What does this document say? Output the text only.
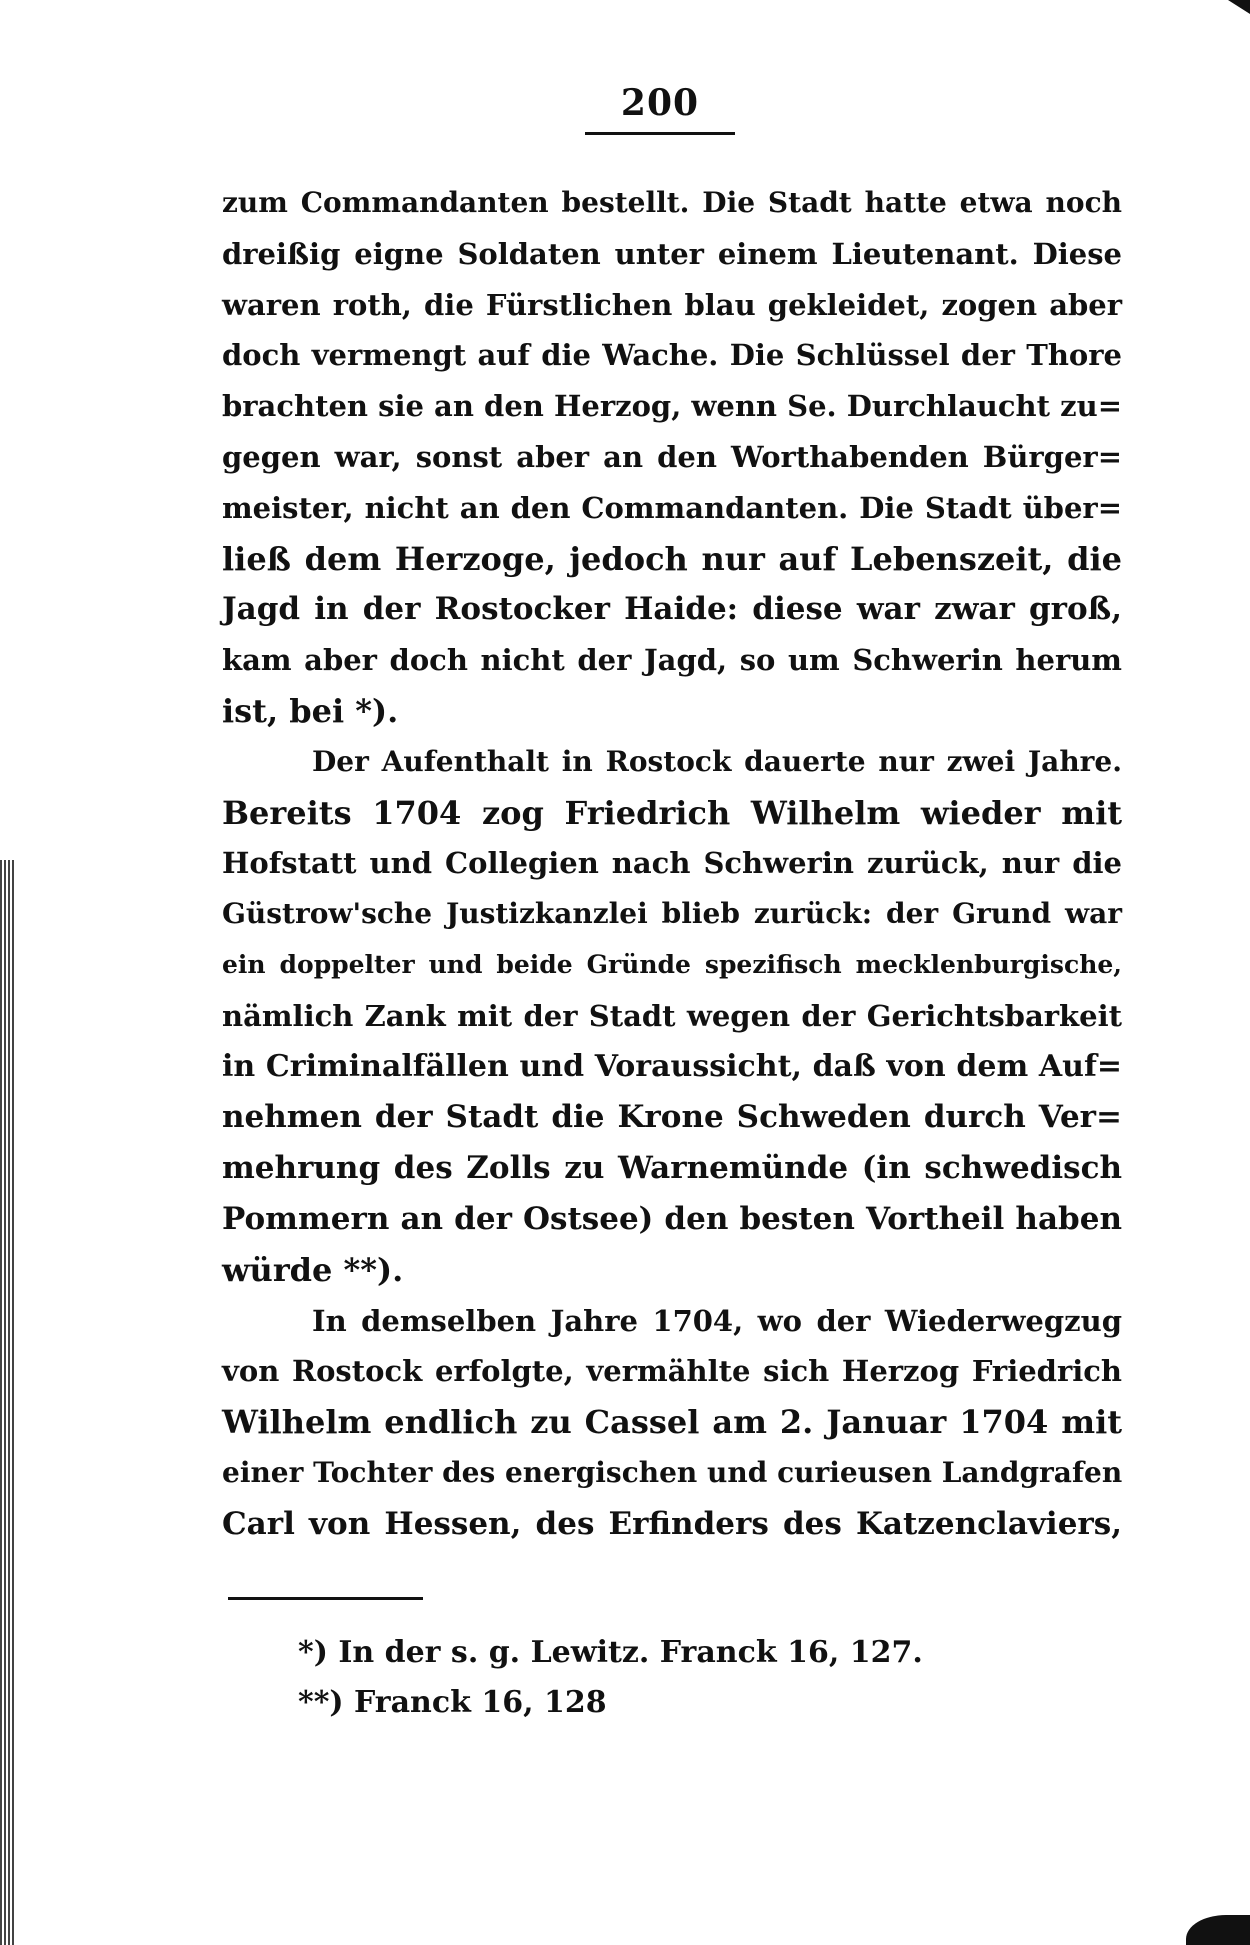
200
zum Commandanten bestellt. Die Stadt hatte etwa noch
dreißig eigne Soldaten unter einem Lieutenant. Diese
waren roth, die Fürstlichen blau gekleidet, zogen aber
doch vermengt auf die Wache. Die Schlüssel der Thore
brachten sie an den Herzog, wenn Se. Durchlaucht zu=
gegen war, sonst aber an den Worthabenden Bürger=
meister, nicht an den Commandanten. Die Stadt über=
ließ dem Herzoge, jedoch nur auf Lebenszeit, die
Jagd in der Rostocker Haide: diese war zwar groß,
kam aber doch nicht der Jagd, so um Schwerin herum
ist, bei *).
Der Aufenthalt in Rostock dauerte nur zwei Jahre.
Bereits 1704 zog Friedrich Wilhelm wieder mit
Hofstatt und Collegien nach Schwerin zurück, nur die
Güstrow'sche Justizkanzlei blieb zurück: der Grund war
ein doppelter und beide Gründe spezifisch mecklenburgische,
nämlich Zank mit der Stadt wegen der Gerichtsbarkeit
in Criminalfällen und Voraussicht, daß von dem Auf=
nehmen der Stadt die Krone Schweden durch Ver=
mehrung des Zolls zu Warnemünde (in schwedisch
Pommern an der Ostsee) den besten Vortheil haben
würde **).
In demselben Jahre 1704, wo der Wiederwegzug
von Rostock erfolgte, vermählte sich Herzog Friedrich
Wilhelm endlich zu Cassel am 2. Januar 1704 mit
einer Tochter des energischen und curieusen Landgrafen
Carl von Hessen, des Erfinders des Katzenclaviers,
*) In der s. g. Lewitz. Franck 16, 127.
**) Franck 16, 128
